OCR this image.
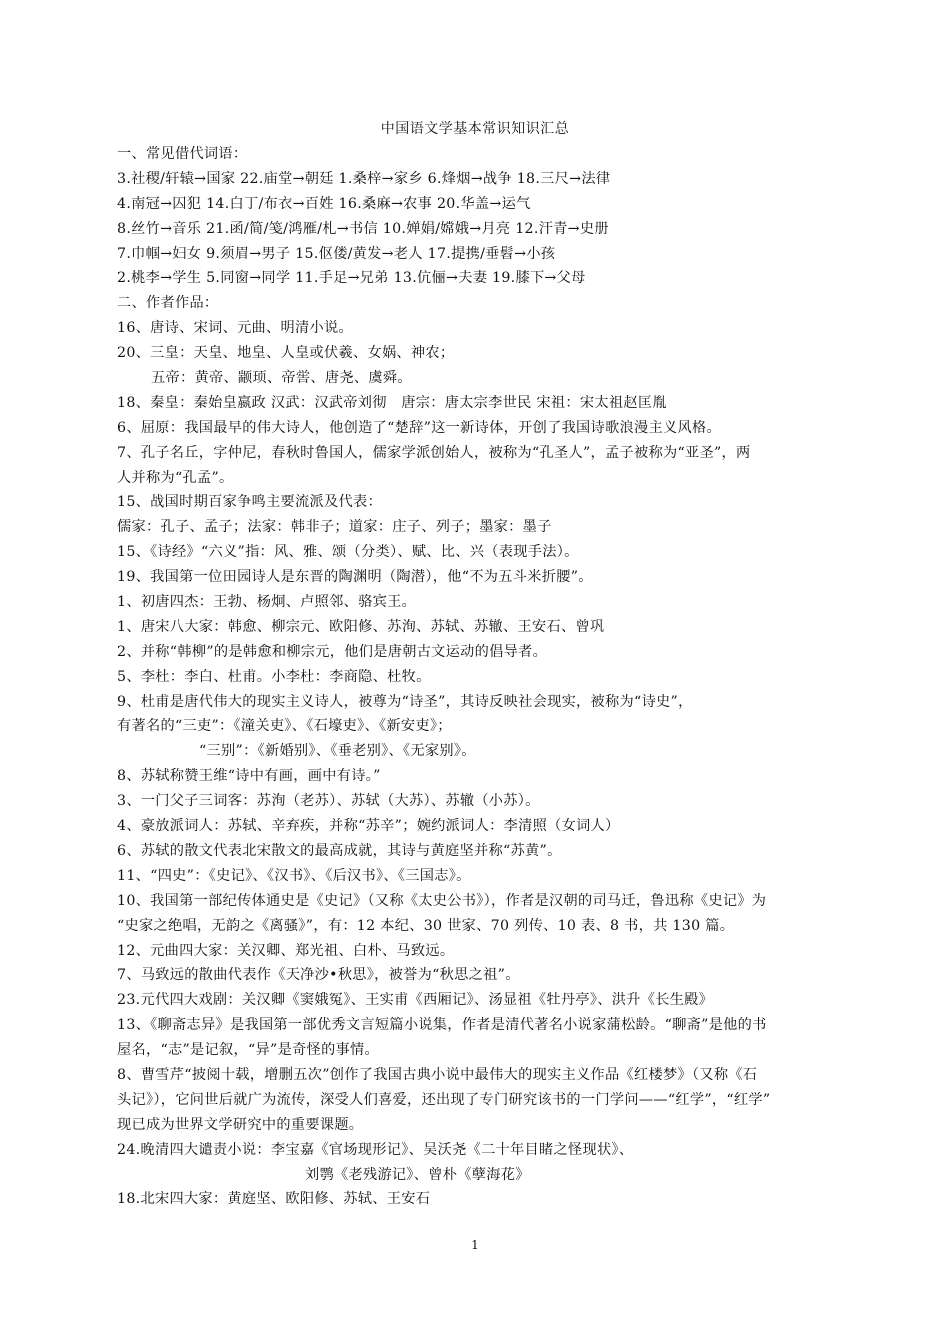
中国语文学基本常识知识汇总
一、常见借代词语：
3.社稷/轩辕→国家 22.庙堂→朝廷 1.桑梓→家乡 6.烽烟→战争 18.三尺→法律
4.南冠→囚犯 14.白丁/布衣→百姓 16.桑麻→农事 20.华盖→运气
8.丝竹→音乐 21.函/简/笺/鸿雁/札→书信 10.婵娟/嫦娥→月亮 12.汗青→史册
7.巾帼→妇女 9.须眉→男子 15.伛偻/黄发→老人 17.提携/垂髫→小孩
2.桃李→学生 5.同窗→同学 11.手足→兄弟 13.伉俪→夫妻 19.膝下→父母
二、作者作品：
16、唐诗、宋词、元曲、明清小说。
20、三皇：天皇、地皇、人皇或伏羲、女娲、神农；
五帝：黄帝、颛顼、帝喾、唐尧、虞舜。
18、秦皇：秦始皇嬴政 汉武：汉武帝刘彻　唐宗：唐太宗李世民 宋祖：宋太祖赵匡胤
6、屈原：我国最早的伟大诗人，他创造了“楚辞”这一新诗体，开创了我国诗歌浪漫主义风格。
7、孔子名丘，字仲尼，春秋时鲁国人，儒家学派创始人，被称为“孔圣人”，孟子被称为“亚圣”，两
人并称为“孔孟”。
15、战国时期百家争鸣主要流派及代表：
儒家：孔子、孟子；法家：韩非子；道家：庄子、列子；墨家：墨子
15、《诗经》“六义”指：风、雅、颂（分类）、赋、比、兴（表现手法）。
19、我国第一位田园诗人是东晋的陶渊明（陶潜），他“不为五斗米折腰”。
1、初唐四杰：王勃、杨炯、卢照邻、骆宾王。
1、唐宋八大家：韩愈、柳宗元、欧阳修、苏洵、苏轼、苏辙、王安石、曾巩
2、并称“韩柳”的是韩愈和柳宗元，他们是唐朝古文运动的倡导者。
5、李杜：李白、杜甫。小李杜：李商隐、杜牧。
9、杜甫是唐代伟大的现实主义诗人，被尊为“诗圣”，其诗反映社会现实，被称为“诗史”，
有著名的“三吏”：《潼关吏》、《石壕吏》、《新安吏》；
“三别”：《新婚别》、《垂老别》、《无家别》。
8、苏轼称赞王维“诗中有画，画中有诗。”
3、一门父子三词客：苏洵（老苏）、苏轼（大苏）、苏辙（小苏）。
4、豪放派词人：苏轼、辛弃疾，并称“苏辛”；婉约派词人：李清照（女词人）
6、苏轼的散文代表北宋散文的最高成就，其诗与黄庭坚并称“苏黄”。
11、“四史”：《史记》、《汉书》、《后汉书》、《三国志》。
10、我国第一部纪传体通史是《史记》（又称《太史公书》），作者是汉朝的司马迁，鲁迅称《史记》为
“史家之绝唱，无韵之《离骚》”，有：12 本纪、30 世家、70 列传、10 表、8 书，共 130 篇。
12、元曲四大家：关汉卿、郑光祖、白朴、马致远。
7、马致远的散曲代表作《天净沙•秋思》，被誉为“秋思之祖”。
23.元代四大戏剧：关汉卿《窦娥冤》、王实甫《西厢记》、汤显祖《牡丹亭》、洪升《长生殿》
13、《聊斋志异》是我国第一部优秀文言短篇小说集，作者是清代著名小说家蒲松龄。“聊斋”是他的书
屋名，“志”是记叙，“异”是奇怪的事情。
8、曹雪芹“披阅十载，增删五次”创作了我国古典小说中最伟大的现实主义作品《红楼梦》（又称《石
头记》），它问世后就广为流传，深受人们喜爱，还出现了专门研究该书的一门学问——“红学”，“红学”
现已成为世界文学研究中的重要课题。
24.晚清四大谴责小说：李宝嘉《官场现形记》、吴沃尧《二十年目睹之怪现状》、
刘鹗《老残游记》、曾朴《孽海花》
18.北宋四大家：黄庭坚、欧阳修、苏轼、王安石
1
